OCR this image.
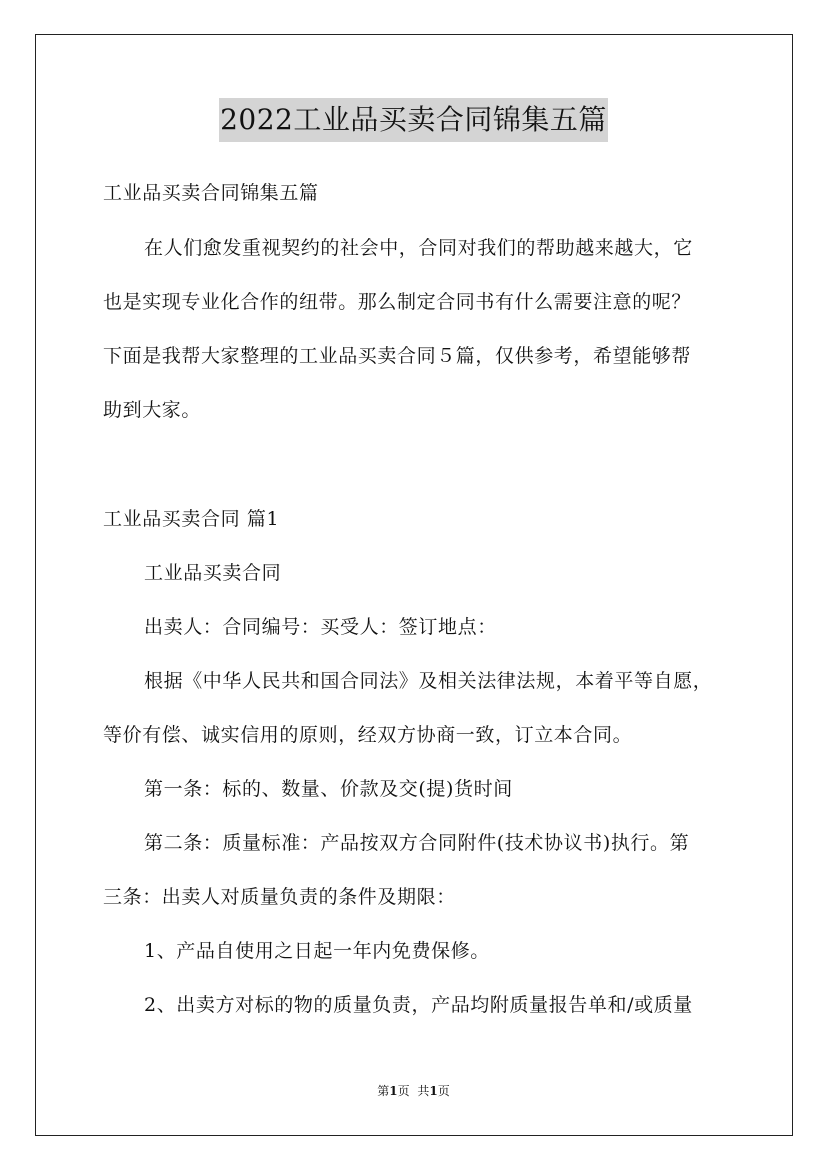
2022工业品买卖合同锦集五篇
工业品买卖合同锦集五篇
在人们愈发重视契约的社会中，合同对我们的帮助越来越大，它
也是实现专业化合作的纽带。那么制定合同书有什么需要注意的呢？
下面是我帮大家整理的工业品买卖合同５篇，仅供参考，希望能够帮
助到大家。
工业品买卖合同 篇1
工业品买卖合同
出卖人：合同编号：买受人：签订地点：
根据《中华人民共和国合同法》及相关法律法规，本着平等自愿，
等价有偿、诚实信用的原则，经双方协商一致，订立本合同。
第一条：标的、数量、价款及交(提)货时间
第二条：质量标准：产品按双方合同附件(技术协议书)执行。第
三条：出卖人对质量负责的条件及期限：
1、产品自使用之日起一年内免费保修。
2、出卖方对标的物的质量负责，产品均附质量报告单和/或质量
第1页 共1页
